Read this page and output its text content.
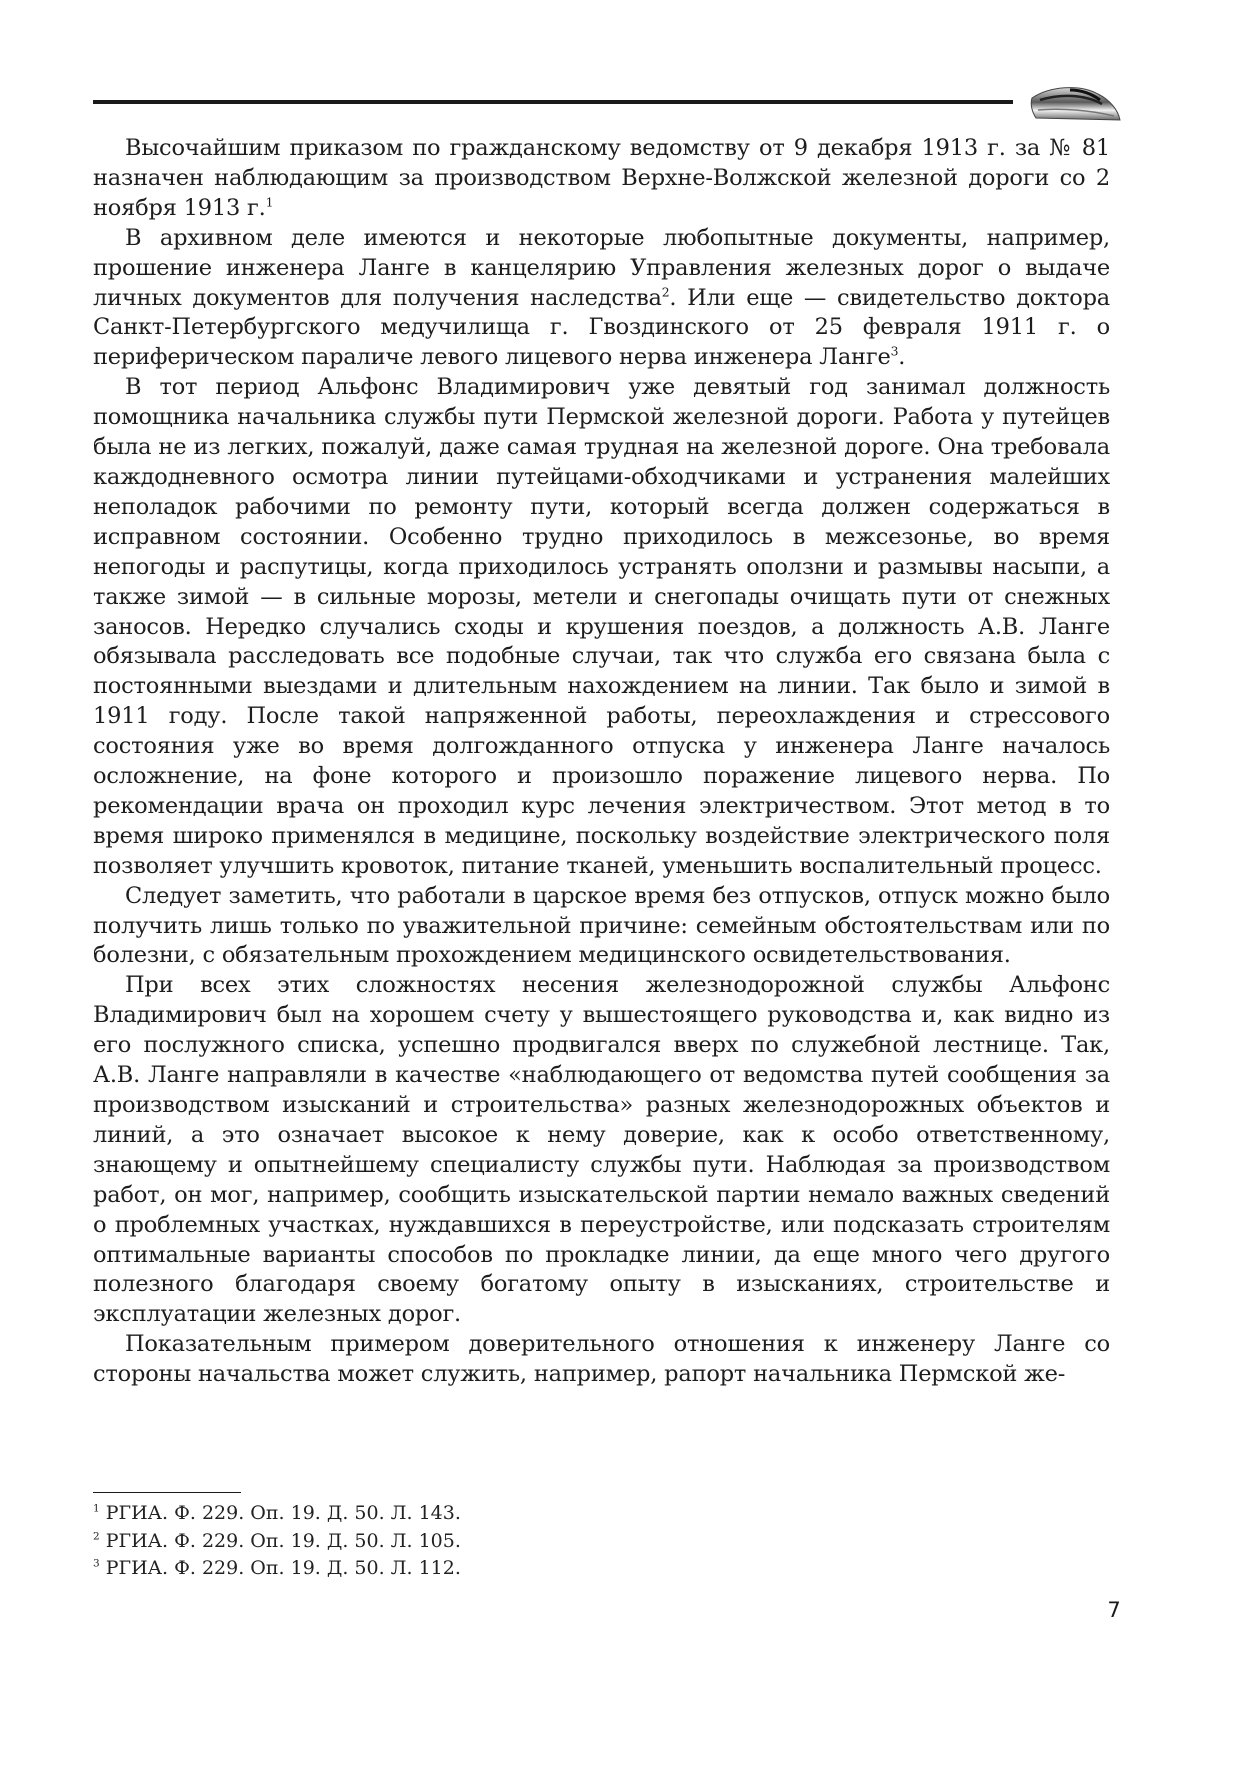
Высочайшим приказом по гражданскому ведомству от 9 декабря 1913 г. за № 81 назначен наблюдающим за производством Верхне-Волжской железной дороги со 2 ноября 1913 г.$^1$

В архивном деле имеются и некоторые любопытные документы, например, прошение инженера Ланге в канцелярию Управления железных дорог о выдаче личных документов для получения наследства$^2$. Или еще — свидетельство доктора Санкт-Петербургского медучилища г. Гвоздинского от 25 февраля 1911 г. о периферическом параличе левого лицевого нерва инженера Ланге$^3$.

В тот период Альфонс Владимирович уже девятый год занимал должность помощника начальника службы пути Пермской железной дороги. Работа у путейцев была не из легких, пожалуй, даже самая трудная на железной дороге. Она требовала каждодневного осмотра линии путейцами-обходчиками и устранения малейших неполадок рабочими по ремонту пути, который всегда должен содержаться в исправном состоянии. Особенно трудно приходилось в межсезонье, во время непогоды и распутицы, когда приходилось устранять оползни и размывы насыпи, а также зимой — в сильные морозы, метели и снегопады очищать пути от снежных заносов. Нередко случались сходы и крушения поездов, а должность А.В. Ланге обязывала расследовать все подобные случаи, так что служба его связана была с постоянными выездами и длительным нахождением на линии. Так было и зимой в 1911 году. После такой напряженной работы, переохлаждения и стрессового состояния уже во время долгожданного отпуска у инженера Ланге началось осложнение, на фоне которого и произошло поражение лицевого нерва. По рекомендации врача он проходил курс лечения электричеством. Этот метод в то время широко применялся в медицине, поскольку воздействие электрического поля позволяет улучшить кровоток, питание тканей, уменьшить воспалительный процесс.

Следует заметить, что работали в царское время без отпусков, отпуск можно было получить лишь только по уважительной причине: семейным обстоятельствам или по болезни, с обязательным прохождением медицинского освидетельствования.

При всех этих сложностях несения железнодорожной службы Альфонс Владимирович был на хорошем счету у вышестоящего руководства и, как видно из его послужного списка, успешно продвигался вверх по служебной лестнице. Так, А.В. Ланге направляли в качестве «наблюдающего от ведомства путей сообщения за производством изысканий и строительства» разных железнодорожных объектов и линий, а это означает высокое к нему доверие, как к особо ответственному, знающему и опытнейшему специалисту службы пути. Наблюдая за производством работ, он мог, например, сообщить изыскательской партии немало важных сведений о проблемных участках, нуждавшихся в переустройстве, или подсказать строителям оптимальные варианты способов по прокладке линии, да еще много чего другого полезного благодаря своему богатому опыту в изысканиях, строительстве и эксплуатации железных дорог.

Показательным примером доверительного отношения к инженеру Ланге со стороны начальства может служить, например, рапорт начальника Пермской же-

$^1$ РГИА. Ф. 229. Оп. 19. Д. 50. Л. 143.
$^2$ РГИА. Ф. 229. Оп. 19. Д. 50. Л. 105.
$^3$ РГИА. Ф. 229. Оп. 19. Д. 50. Л. 112.
7
